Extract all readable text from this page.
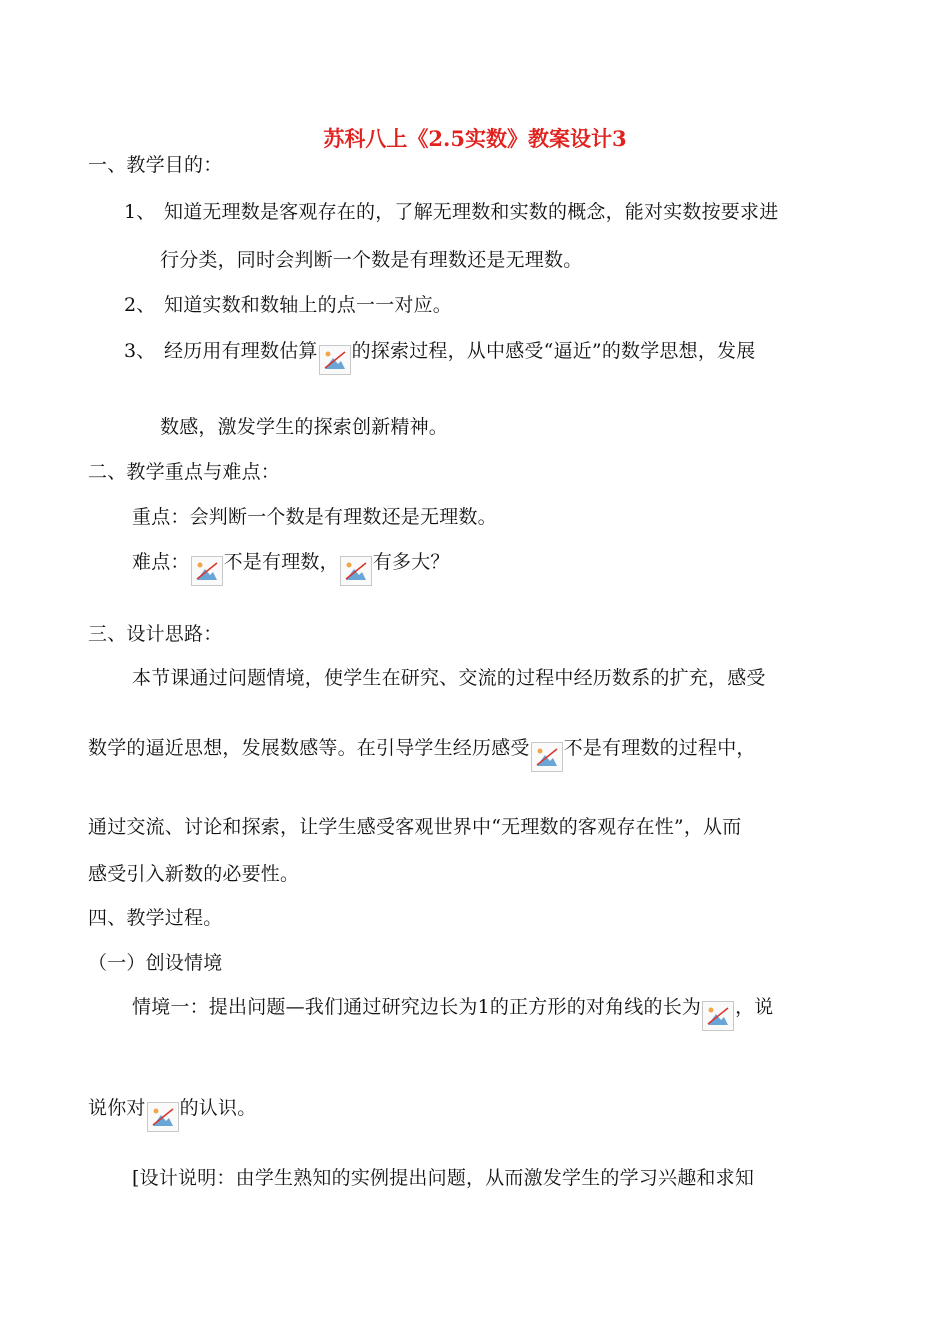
苏科八上《2.5实数》教案设计3
一、教学目的：
1、 知道无理数是客观存在的，了解无理数和实数的概念，能对实数按要求进
行分类，同时会判断一个数是有理数还是无理数。
2、 知道实数和数轴上的点一一对应。
3、 经历用有理数估算 的探索过程，从中感受“逼近”的数学思想，发展
数感，激发学生的探索创新精神。
二、教学重点与难点：
重点：会判断一个数是有理数还是无理数。
难点： 不是有理数， 有多大？
三、设计思路：
本节课通过问题情境，使学生在研究、交流的过程中经历数系的扩充，感受
数学的逼近思想，发展数感等。在引导学生经历感受 不是有理数的过程中，
通过交流、讨论和探索，让学生感受客观世界中“无理数的客观存在性”，从而
感受引入新数的必要性。
四、教学过程。
（一）创设情境
情境一：提出问题—我们通过研究边长为1的正方形的对角线的长为 ，说
说你对 的认识。
[设计说明：由学生熟知的实例提出问题，从而激发学生的学习兴趣和求知
